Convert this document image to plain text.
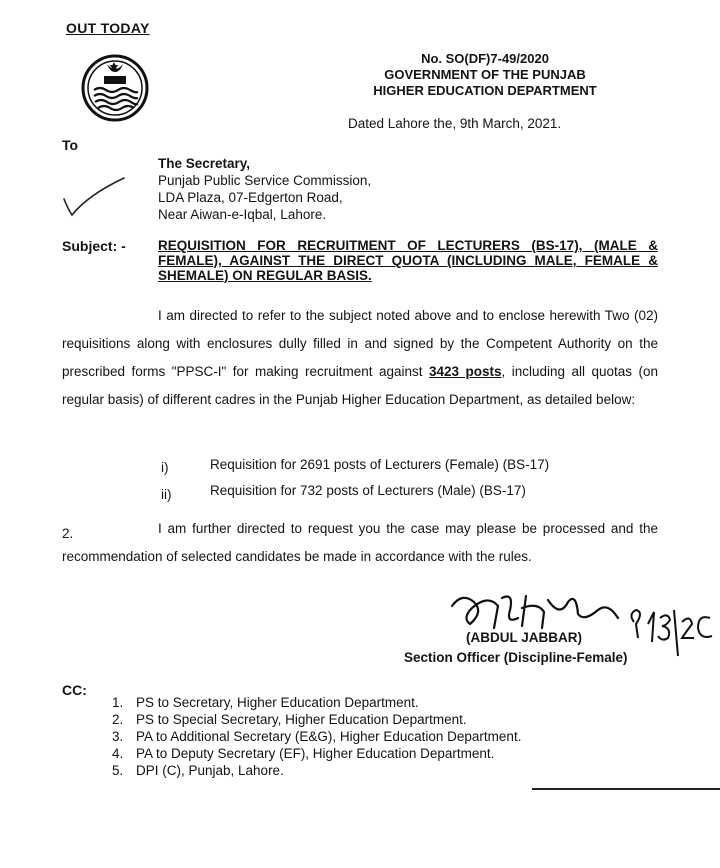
OUT TODAY
No. SO(DF)7-49/2020
GOVERNMENT OF THE PUNJAB
HIGHER EDUCATION DEPARTMENT
Dated Lahore the, 9th March, 2021.
To
The Secretary,
Punjab Public Service Commission,
LDA Plaza, 07-Edgerton Road,
Near Aiwan-e-Iqbal, Lahore.
Subject: - REQUISITION FOR RECRUITMENT OF LECTURERS (BS-17), (MALE & FEMALE), AGAINST THE DIRECT QUOTA (INCLUDING MALE, FEMALE & SHEMALE) ON REGULAR BASIS.
I am directed to refer to the subject noted above and to enclose herewith Two (02) requisitions along with enclosures dully filled in and signed by the Competent Authority on the prescribed forms "PPSC-I" for making recruitment against 3423 posts, including all quotas (on regular basis) of different cadres in the Punjab Higher Education Department, as detailed below:
i)	Requisition for 2691 posts of Lecturers (Female) (BS-17)
ii)	Requisition for 732 posts of Lecturers (Male) (BS-17)
2.	I am further directed to request you the case may please be processed and the recommendation of selected candidates be made in accordance with the rules.
(ABDUL JABBAR)
Section Officer (Discipline-Female)
CC:
1. PS to Secretary, Higher Education Department.
2. PS to Special Secretary, Higher Education Department.
3. PA to Additional Secretary (E&G), Higher Education Department.
4. PA to Deputy Secretary (EF), Higher Education Department.
5. DPI (C), Punjab, Lahore.
